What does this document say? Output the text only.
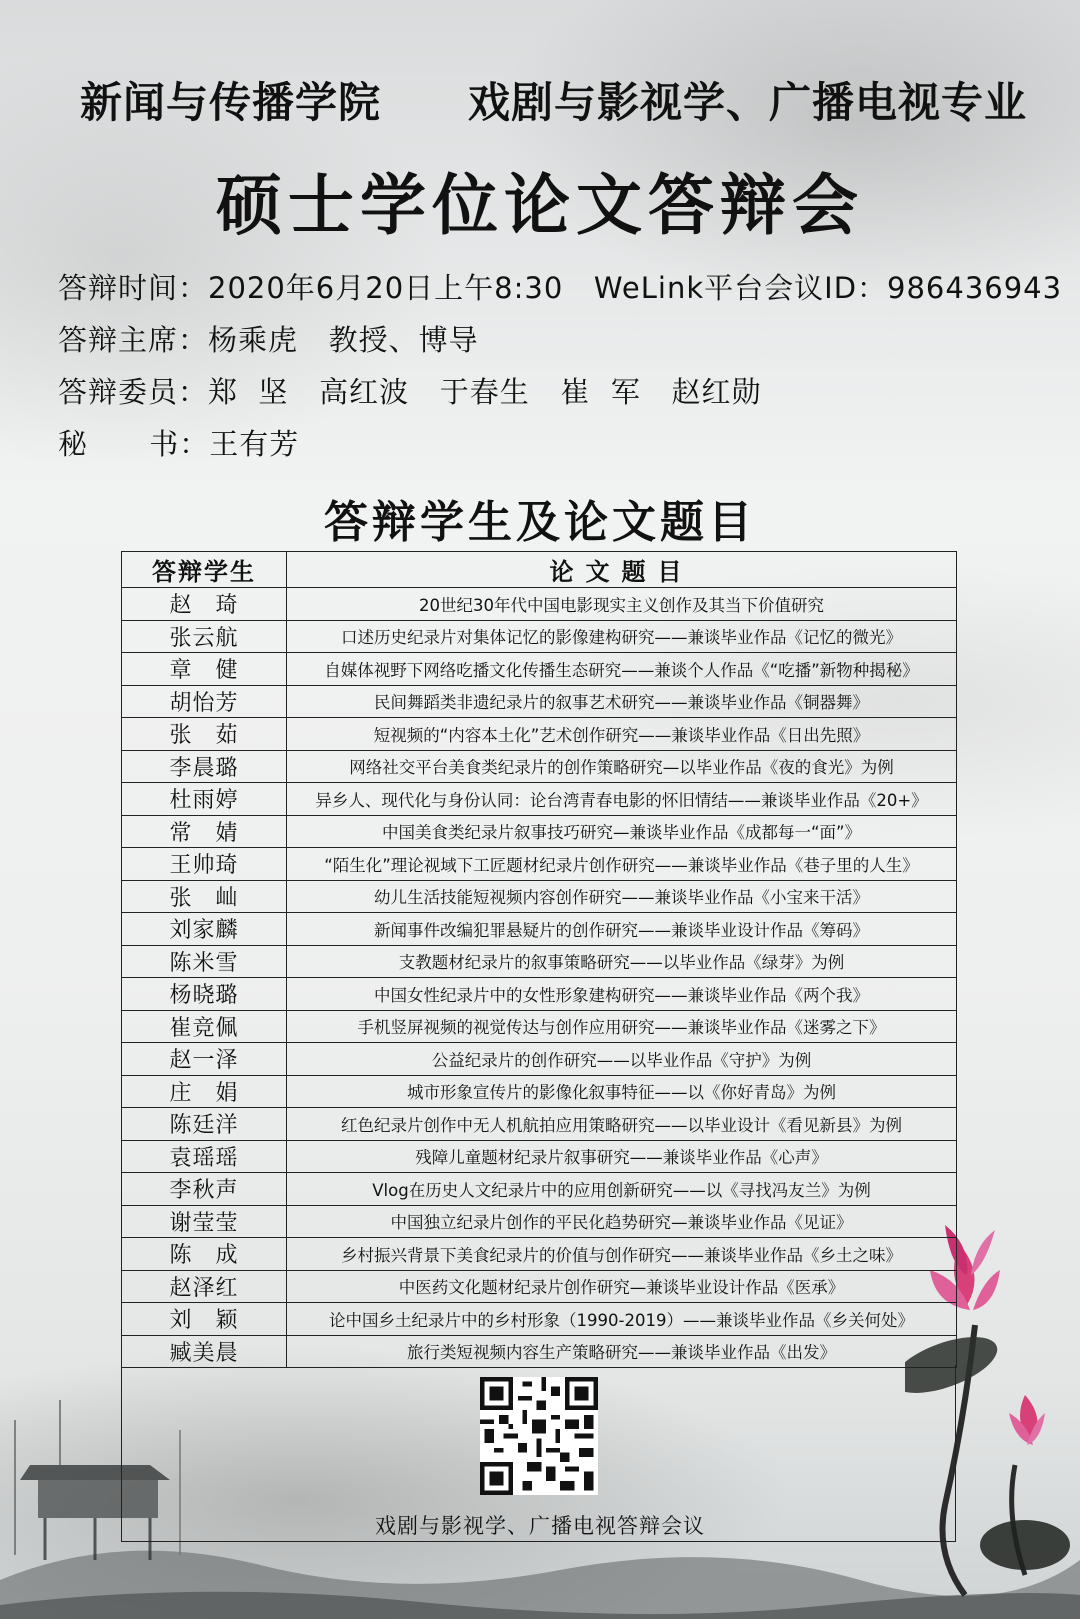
新闻与传播学院 戏剧与影视学、广播电视专业
硕士学位论文答辩会
答辩时间：2020年6月20日上午8:30   WeLink平台会议ID：986436943
答辩主席：杨乘虎   教授、博导
答辩委员：郑  坚   高红波   于春生   崔  军   赵红勋
秘      书：王有芳
答辩学生及论文题目
答辩学生	论文题目
赵　琦	20世纪30年代中国电影现实主义创作及其当下价值研究
张云航	口述历史纪录片对集体记忆的影像建构研究——兼谈毕业作品《记忆的微光》
章　健	自媒体视野下网络吃播文化传播生态研究——兼谈个人作品《“吃播”新物种揭秘》
胡怡芳	民间舞蹈类非遗纪录片的叙事艺术研究——兼谈毕业作品《铜器舞》
张　茹	短视频的“内容本土化”艺术创作研究——兼谈毕业作品《日出先照》
李晨璐	网络社交平台美食类纪录片的创作策略研究—以毕业作品《夜的食光》为例
杜雨婷	异乡人、现代化与身份认同：论台湾青春电影的怀旧情结——兼谈毕业作品《20+》
常　婧	中国美食类纪录片叙事技巧研究—兼谈毕业作品《成都每一“面”》
王帅琦	“陌生化”理论视域下工匠题材纪录片创作研究——兼谈毕业作品《巷子里的人生》
张　屾	幼儿生活技能短视频内容创作研究——兼谈毕业作品《小宝来干活》
刘家麟	新闻事件改编犯罪悬疑片的创作研究——兼谈毕业设计作品《筹码》
陈米雪	支教题材纪录片的叙事策略研究——以毕业作品《绿芽》为例
杨晓璐	中国女性纪录片中的女性形象建构研究——兼谈毕业作品《两个我》
崔竞佩	手机竖屏视频的视觉传达与创作应用研究——兼谈毕业作品《迷雾之下》
赵一泽	公益纪录片的创作研究——以毕业作品《守护》为例
庄　娟	城市形象宣传片的影像化叙事特征——以《你好青岛》为例
陈廷洋	红色纪录片创作中无人机航拍应用策略研究——以毕业设计《看见新县》为例
袁瑶瑶	残障儿童题材纪录片叙事研究——兼谈毕业作品《心声》
李秋声	Vlog在历史人文纪录片中的应用创新研究——以《寻找冯友兰》为例
谢莹莹	中国独立纪录片创作的平民化趋势研究—兼谈毕业作品《见证》
陈　成	乡村振兴背景下美食纪录片的价值与创作研究——兼谈毕业作品《乡土之味》
赵泽红	中医药文化题材纪录片创作研究—兼谈毕业设计作品《医承》
刘　颖	论中国乡土纪录片中的乡村形象（1990-2019）——兼谈毕业作品《乡关何处》
臧美晨	旅行类短视频内容生产策略研究——兼谈毕业作品《出发》
戏剧与影视学、广播电视答辩会议
